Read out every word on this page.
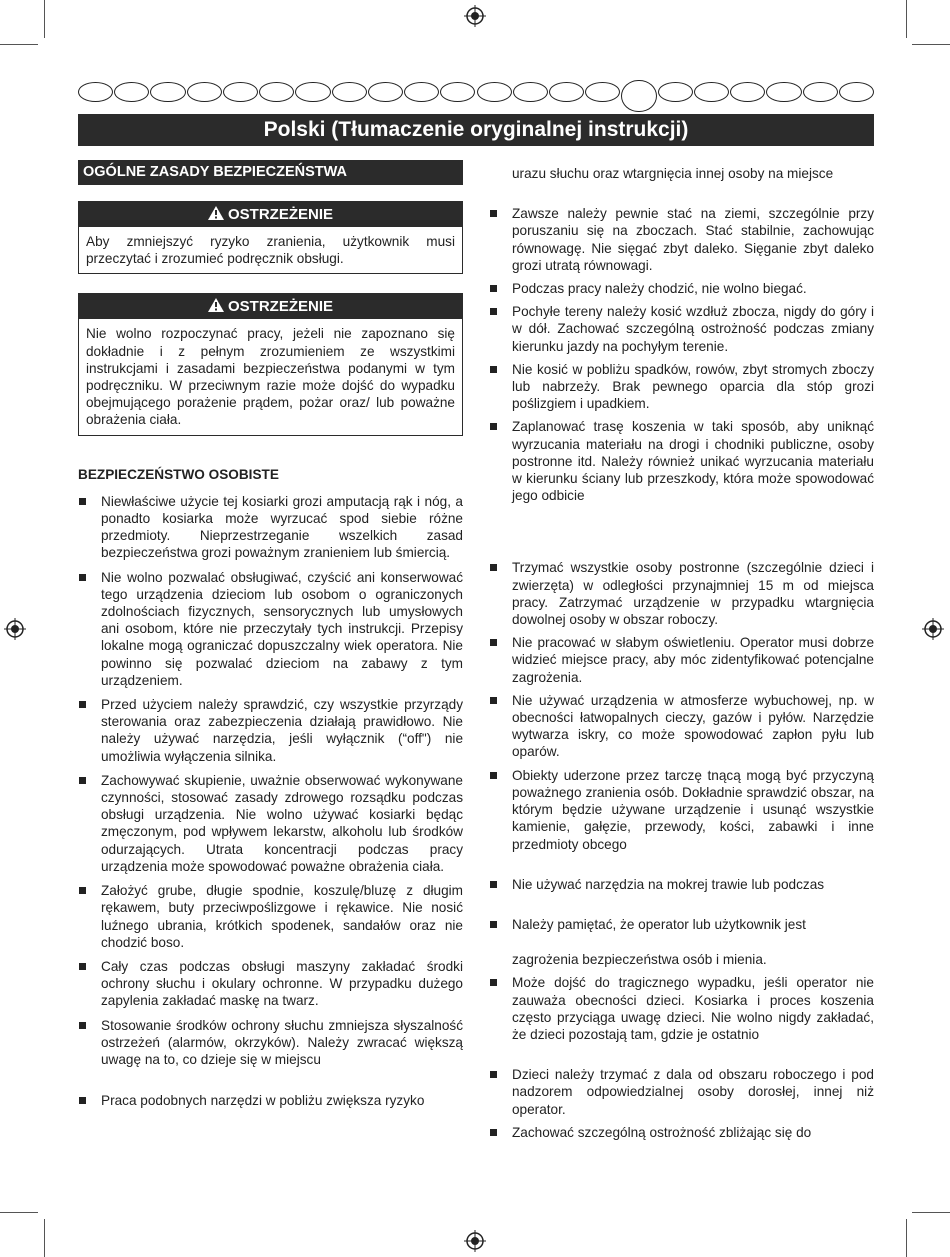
Polski (Tłumaczenie oryginalnej instrukcji)
OGÓLNE ZASADY BEZPIECZEŃSTWA
OSTRZEŻENIE
Aby zmniejszyć ryzyko zranienia, użytkownik musi przeczytać i zrozumieć podręcznik obsługi.
OSTRZEŻENIE
Nie wolno rozpoczynać pracy, jeżeli nie zapoznano się dokładnie i z pełnym zrozumieniem ze wszystkimi instrukcjami i zasadami bezpieczeństwa podanymi w tym podręczniku. W przeciwnym razie może dojść do wypadku obejmującego porażenie prądem, pożar oraz/ lub poważne obrażenia ciała.
BEZPIECZEŃSTWO OSOBISTE
Niewłaściwe użycie tej kosiarki grozi amputacją rąk i nóg, a ponadto kosiarka może wyrzucać spod siebie różne przedmioty. Nieprzestrzeganie wszelkich zasad bezpieczeństwa grozi poważnym zranieniem lub śmiercią.
Nie wolno pozwalać obsługiwać, czyścić ani konserwować tego urządzenia dzieciom lub osobom o ograniczonych zdolnościach fizycznych, sensorycznych lub umysłowych ani osobom, które nie przeczytały tych instrukcji. Przepisy lokalne mogą ograniczać dopuszczalny wiek operatora. Nie powinno się pozwalać dzieciom na zabawy z tym urządzeniem.
Przed użyciem należy sprawdzić, czy wszystkie przyrządy sterowania oraz zabezpieczenia działają prawidłowo. Nie należy używać narzędzia, jeśli wyłącznik (“off") nie umożliwia wyłączenia silnika.
Zachowywać skupienie, uważnie obserwować wykonywane czynności, stosować zasady zdrowego rozsądku podczas obsługi urządzenia. Nie wolno używać kosiarki będąc zmęczonym, pod wpływem lekarstw, alkoholu lub środków odurzających. Utrata koncentracji podczas pracy urządzenia może spowodować poważne obrażenia ciała.
Założyć grube, długie spodnie, koszulę/bluzę z długim rękawem, buty przeciwpoślizgowe i rękawice. Nie nosić luźnego ubrania, krótkich spodenek, sandałów oraz nie chodzić boso.
Cały czas podczas obsługi maszyny zakładać środki ochrony słuchu i okulary ochronne. W przypadku dużego zapylenia zakładać maskę na twarz.
Stosowanie środków ochrony słuchu zmniejsza słyszalność ostrzeżeń (alarmów, okrzyków). Należy zwracać większą uwagę na to, co dzieje się w miejscu
Praca podobnych narzędzi w pobliżu zwiększa ryzyko
urazu słuchu oraz wtargnięcia innej osoby na miejsce
Zawsze należy pewnie stać na ziemi, szczególnie przy poruszaniu się na zboczach. Stać stabilnie, zachowując równowagę. Nie sięgać zbyt daleko. Sięganie zbyt daleko grozi utratą równowagi.
Podczas pracy należy chodzić, nie wolno biegać.
Pochyłe tereny należy kosić wzdłuż zbocza, nigdy do góry i w dół. Zachować szczególną ostrożność podczas zmiany kierunku jazdy na pochyłym terenie.
Nie kosić w pobliżu spadków, rowów, zbyt stromych zboczy lub nabrzeży. Brak pewnego oparcia dla stóp grozi poślizgiem i upadkiem.
Zaplanować trasę koszenia w taki sposób, aby uniknąć wyrzucania materiału na drogi i chodniki publiczne, osoby postronne itd. Należy również unikać wyrzucania materiału w kierunku ściany lub przeszkody, która może spowodować jego odbicie
Trzymać wszystkie osoby postronne (szczególnie dzieci i zwierzęta) w odległości przynajmniej 15 m od miejsca pracy. Zatrzymać urządzenie w przypadku wtargnięcia dowolnej osoby w obszar roboczy.
Nie pracować w słabym oświetleniu. Operator musi dobrze widzieć miejsce pracy, aby móc zidentyfikować potencjalne zagrożenia.
Nie używać urządzenia w atmosferze wybuchowej, np. w obecności łatwopalnych cieczy, gazów i pyłów. Narzędzie wytwarza iskry, co może spowodować zapłon pyłu lub oparów.
Obiekty uderzone przez tarczę tnącą mogą być przyczyną poważnego zranienia osób. Dokładnie sprawdzić obszar, na którym będzie używane urządzenie i usunąć wszystkie kamienie, gałęzie, przewody, kości, zabawki i inne przedmioty obcego
Nie używać narzędzia na mokrej trawie lub podczas
Należy pamiętać, że operator lub użytkownik jest
zagrożenia bezpieczeństwa osób i mienia.
Może dojść do tragicznego wypadku, jeśli operator nie zauważa obecności dzieci. Kosiarka i proces koszenia często przyciąga uwagę dzieci. Nie wolno nigdy zakładać, że dzieci pozostają tam, gdzie je ostatnio
Dzieci należy trzymać z dala od obszaru roboczego i pod nadzorem odpowiedzialnej osoby dorosłej, innej niż operator.
Zachować szczególną ostrożność zbliżając się do
